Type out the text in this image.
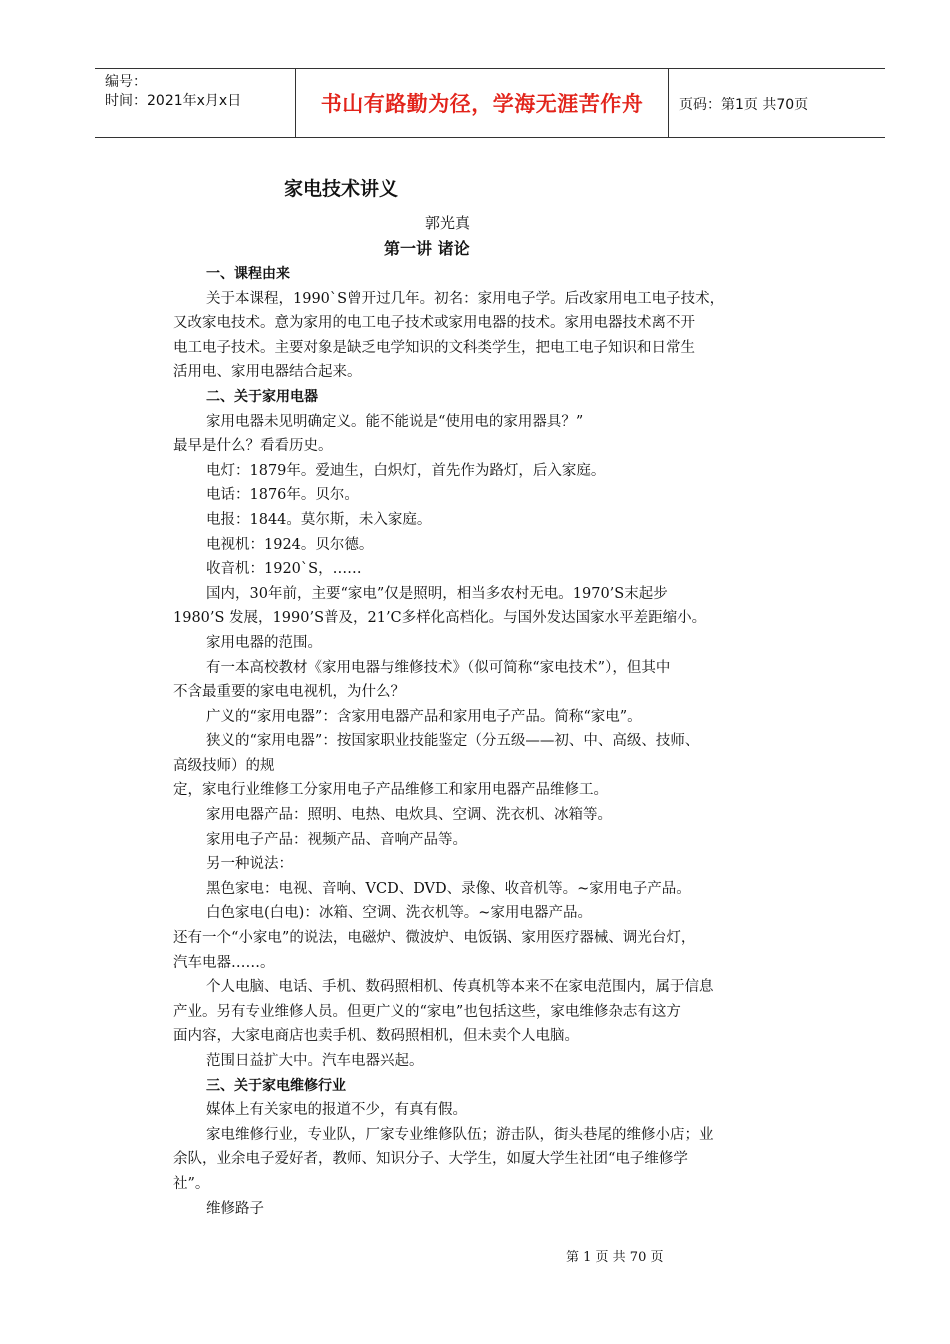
编号：
时间：2021年x月x日	书山有路勤为径，学海无涯苦作舟	页码：第1页 共70页
家电技术讲义
郭光真
第一讲 诸论
一、课程由来
关于本课程，1990`S曾开过几年。初名：家用电子学。后改家用电工电子技术，
又改家电技术。意为家用的电工电子技术或家用电器的技术。家用电器技术离不开
电工电子技术。主要对象是缺乏电学知识的文科类学生，把电工电子知识和日常生
活用电、家用电器结合起来。
二、关于家用电器
家用电器未见明确定义。能不能说是“使用电的家用器具？”
最早是什么？看看历史。
电灯：1879年。爱迪生，白炽灯，首先作为路灯，后入家庭。
电话：1876年。贝尔。
电报：1844。莫尔斯，未入家庭。
电视机：1924。贝尔德。
收音机：1920`S，……
国内，30年前，主要“家电”仅是照明，相当多农村无电。1970’S末起步
1980’S 发展，1990’S普及，21’C多样化高档化。与国外发达国家水平差距缩小。
家用电器的范围。
有一本高校教材《家用电器与维修技术》（似可简称“家电技术”），但其中
不含最重要的家电电视机，为什么？
广义的“家用电器”：含家用电器产品和家用电子产品。简称“家电”。
狭义的“家用电器”：按国家职业技能鉴定（分五级——初、中、高级、技师、
高级技师）的规
定，家电行业维修工分家用电子产品维修工和家用电器产品维修工。
家用电器产品：照明、电热、电炊具、空调、洗衣机、冰箱等。
家用电子产品：视频产品、音响产品等。
另一种说法：
黑色家电：电视、音响、VCD、DVD、录像、收音机等。~家用电子产品。
白色家电(白电)：冰箱、空调、洗衣机等。~家用电器产品。
还有一个“小家电”的说法，电磁炉、微波炉、电饭锅、家用医疗器械、调光台灯，
汽车电器……。
个人电脑、电话、手机、数码照相机、传真机等本来不在家电范围内，属于信息
产业。另有专业维修人员。但更广义的“家电”也包括这些，家电维修杂志有这方
面内容，大家电商店也卖手机、数码照相机，但未卖个人电脑。
范围日益扩大中。汽车电器兴起。
三、关于家电维修行业
媒体上有关家电的报道不少，有真有假。
家电维修行业，专业队，厂家专业维修队伍；游击队，街头巷尾的维修小店；业
余队，业余电子爱好者，教师、知识分子、大学生，如厦大学生社团“电子维修学
社”。
维修路子
第 1 页 共 70 页
